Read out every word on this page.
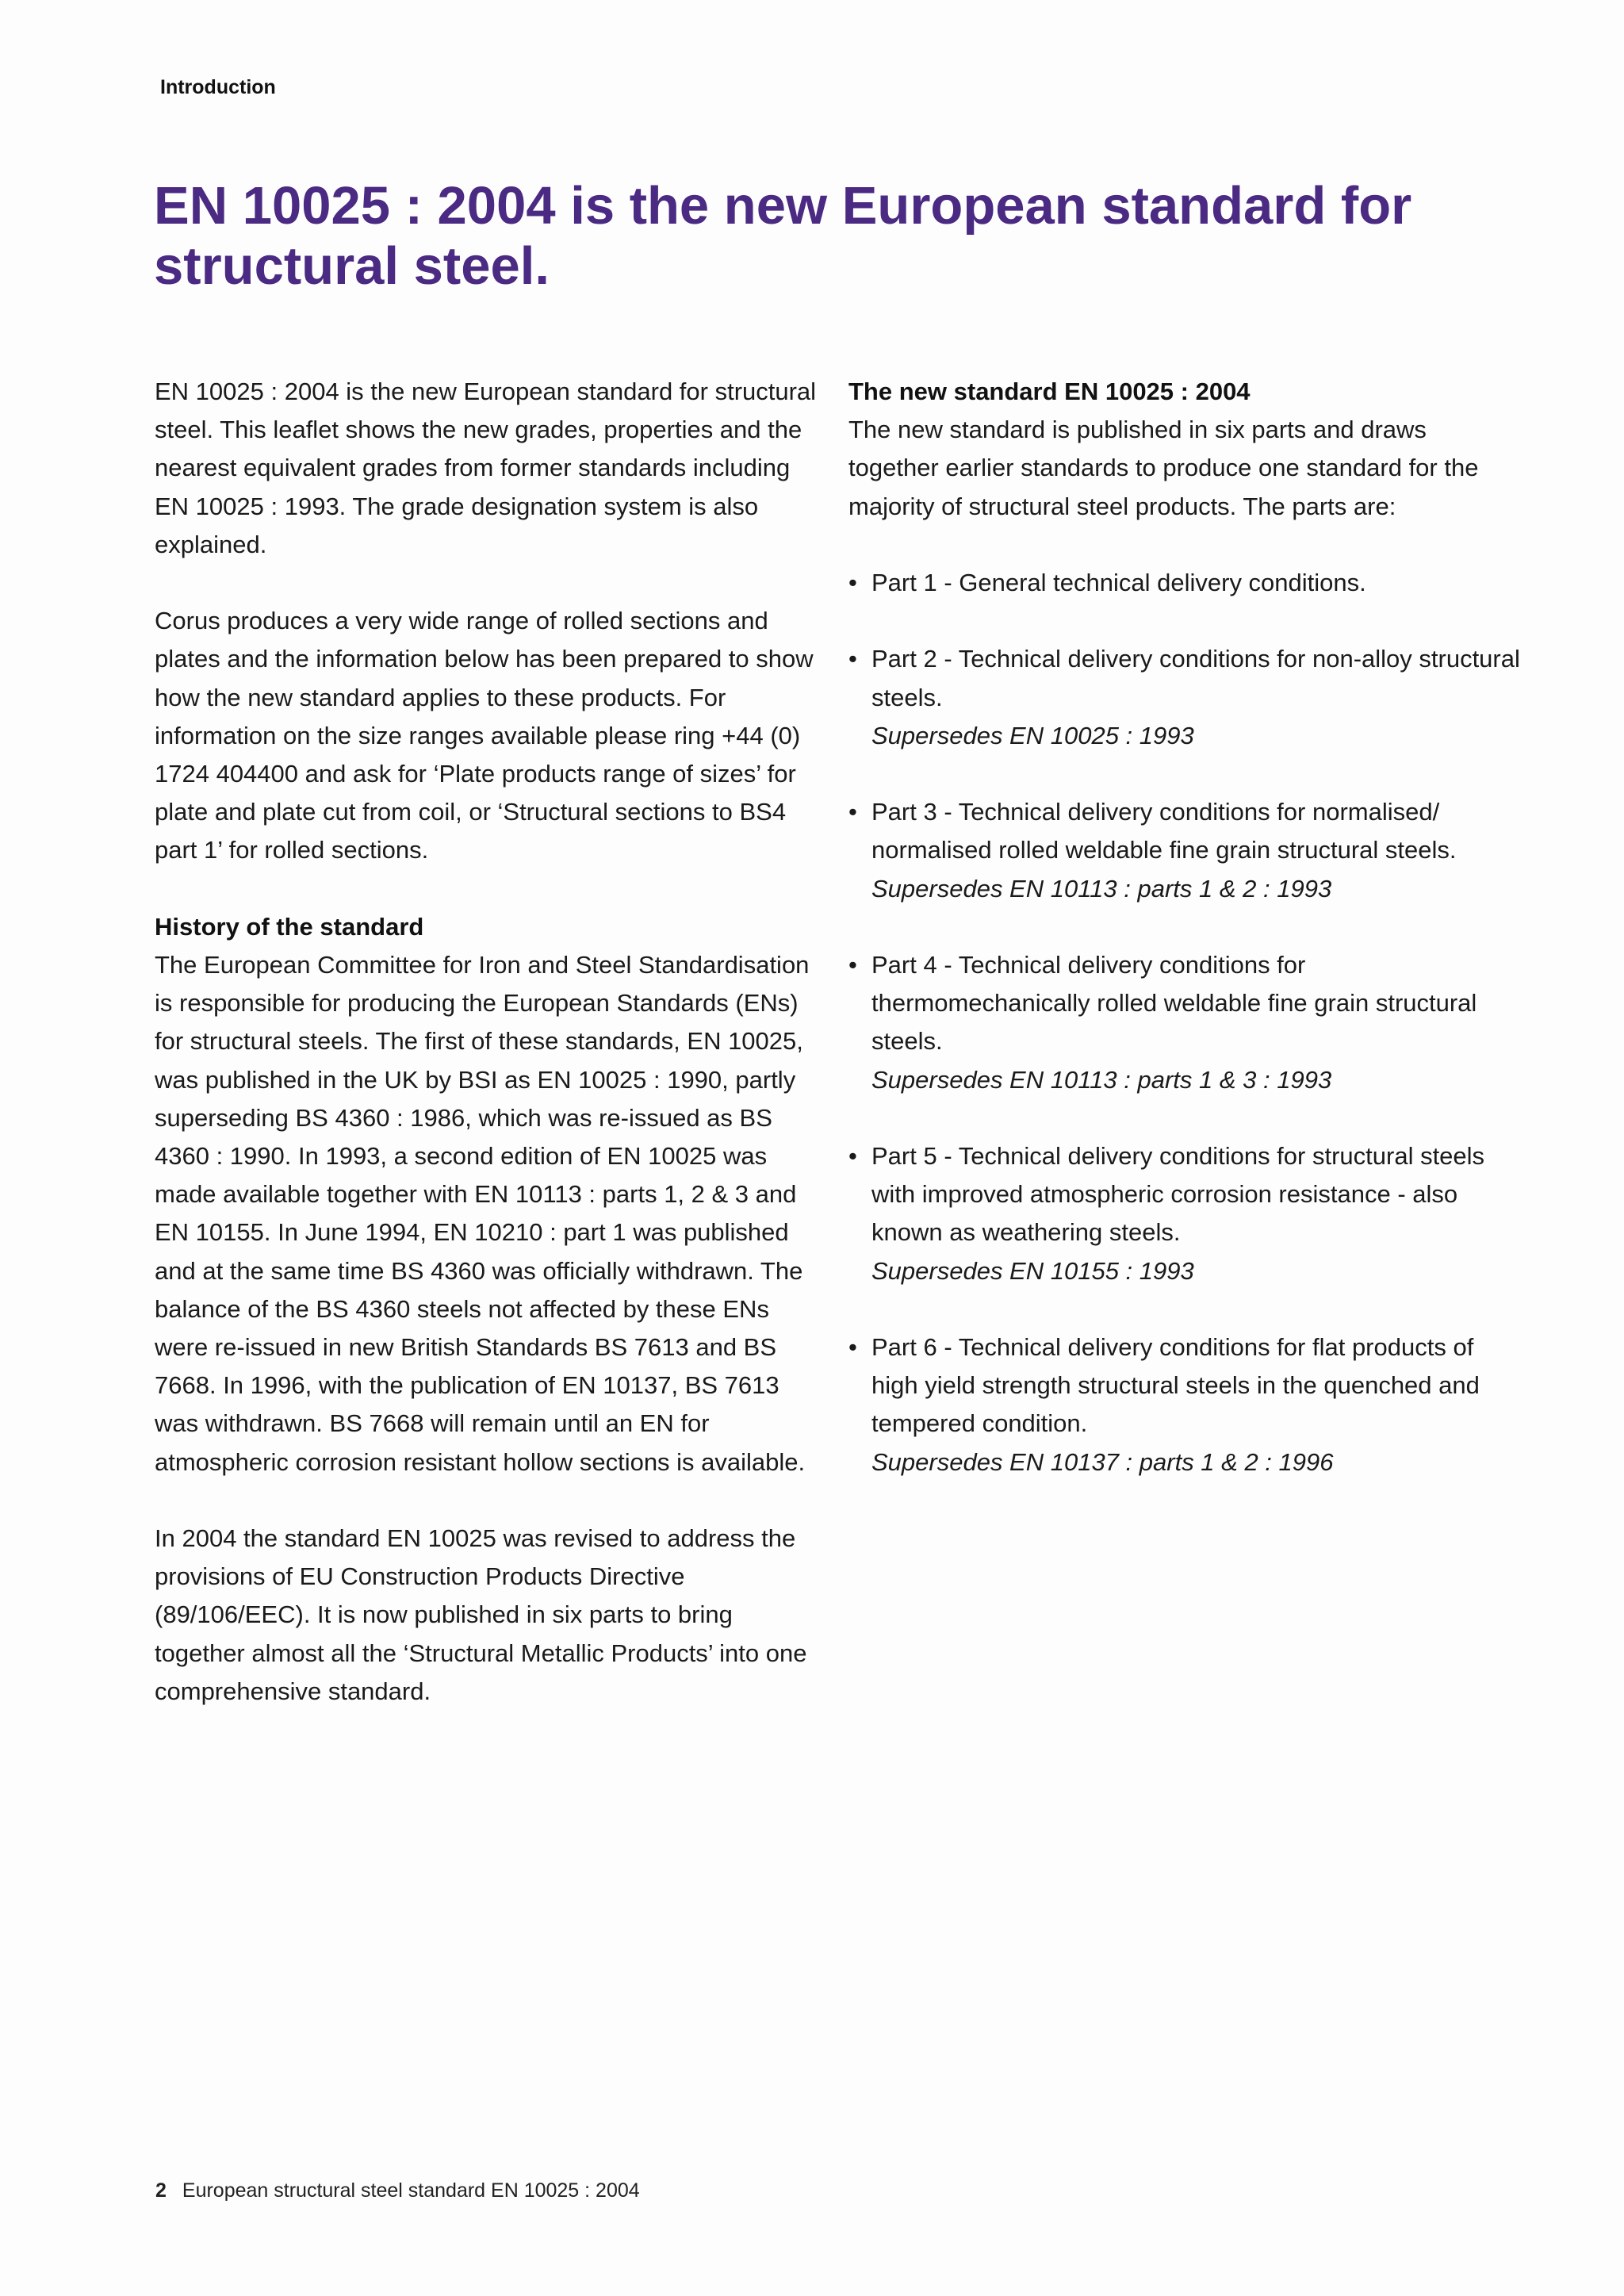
Introduction
EN 10025 : 2004 is the new European standard for structural steel.

EN 10025 : 2004 is the new European standard for structural steel. This leaflet shows the new grades, properties and the nearest equivalent grades from former standards including EN 10025 : 1993. The grade designation system is also explained.

Corus produces a very wide range of rolled sections and plates and the information below has been prepared to show how the new standard applies to these products. For information on the size ranges available please ring +44 (0) 1724 404400 and ask for ‘Plate products range of sizes’ for plate and plate cut from coil, or ‘Structural sections to BS4 part 1’ for rolled sections.

History of the standard

The European Committee for Iron and Steel Standardisation is responsible for producing the European Standards (ENs) for structural steels. The first of these standards, EN 10025, was published in the UK by BSI as EN 10025 : 1990, partly superseding BS 4360 : 1986, which was re-issued as BS 4360 : 1990. In 1993, a second edition of EN 10025 was made available together with EN 10113 : parts 1, 2 & 3 and EN 10155. In June 1994, EN 10210 : part 1 was published and at the same time BS 4360 was officially withdrawn. The balance of the BS 4360 steels not affected by these ENs were re-issued in new British Standards BS 7613 and BS 7668. In 1996, with the publication of EN 10137, BS 7613 was withdrawn. BS 7668 will remain until an EN for atmospheric corrosion resistant hollow sections is available.

In 2004 the standard EN 10025 was revised to address the provisions of EU Construction Products Directive (89/106/EEC). It is now published in six parts to bring together almost all the ‘Structural Metallic Products’ into one comprehensive standard.

The new standard EN 10025 : 2004

The new standard is published in six parts and draws together earlier standards to produce one standard for the majority of structural steel products. The parts are:

• Part 1 - General technical delivery conditions.
• Part 2 - Technical delivery conditions for non-alloy structural steels.
Supersedes EN 10025 : 1993
• Part 3 - Technical delivery conditions for normalised/ normalised rolled weldable fine grain structural steels.
Supersedes EN 10113 : parts 1 & 2 : 1993
• Part 4 - Technical delivery conditions for thermomechanically rolled weldable fine grain structural steels.
Supersedes EN 10113 : parts 1 & 3 : 1993
• Part 5 - Technical delivery conditions for structural steels with improved atmospheric corrosion resistance - also known as weathering steels.
Supersedes EN 10155 : 1993
• Part 6 - Technical delivery conditions for flat products of high yield strength structural steels in the quenched and tempered condition.
Supersedes EN 10137 : parts 1 & 2 : 1996
2 European structural steel standard EN 10025 : 2004
